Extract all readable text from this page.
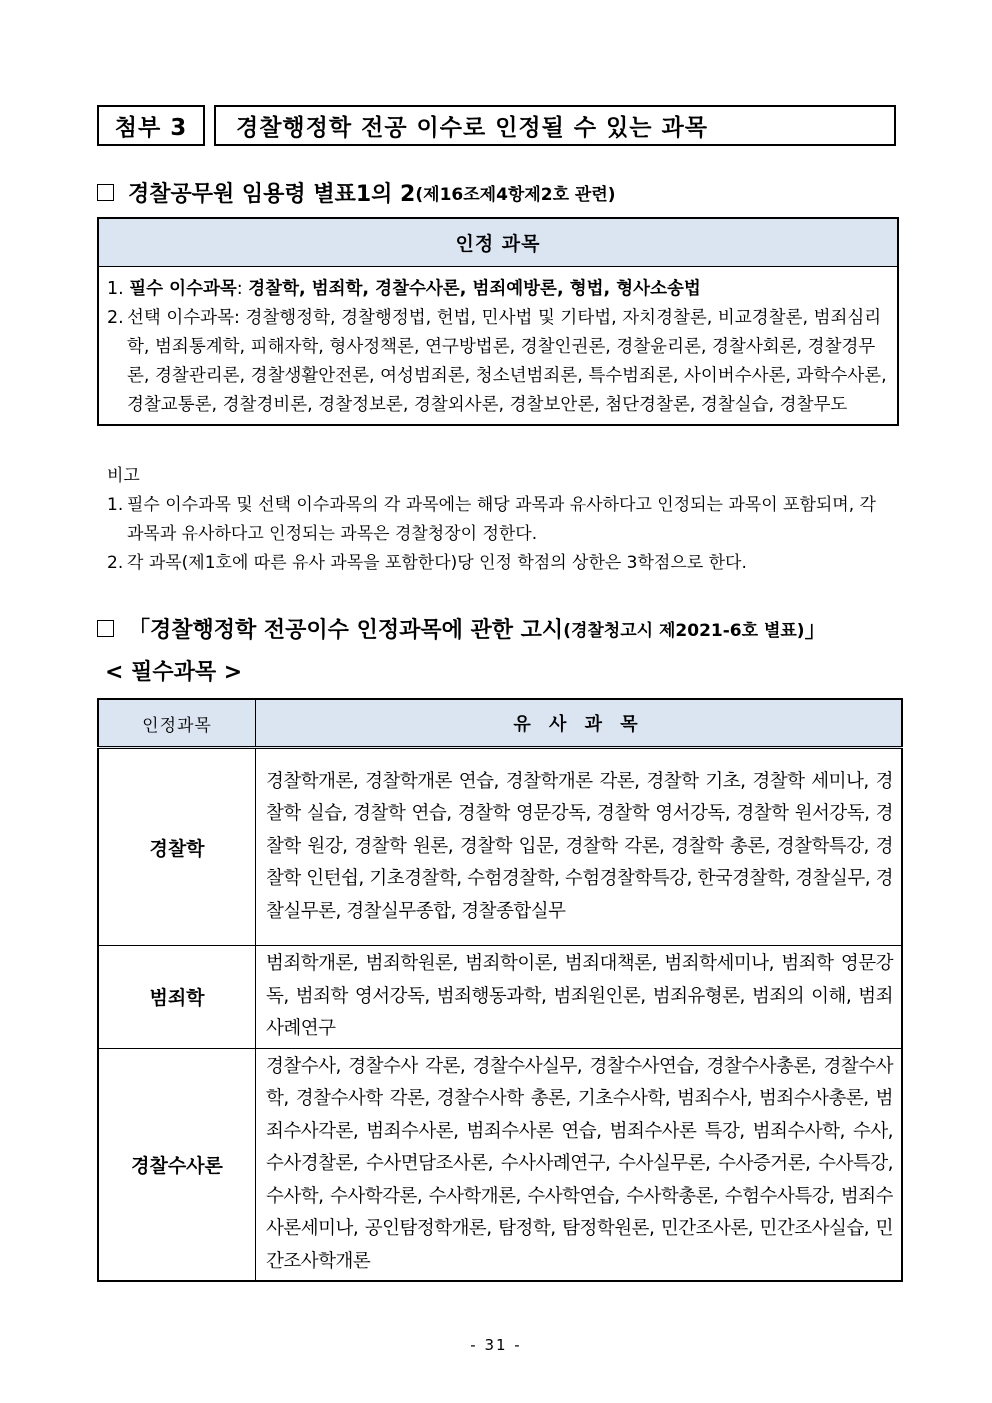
첨부 3 경찰행정학 전공 이수로 인정될 수 있는 과목
경찰공무원 임용령 별표1의 2 (제16조제4항제2호 관련)
인정 과목

1. 필수 이수과목: 경찰학, 범죄학, 경찰수사론, 범죄예방론, 형법, 형사소송법
2. 선택 이수과목: 경찰행정학, 경찰행정법, 헌법, 민사법 및 기타법, 자치경찰론, 비교경찰론, 범죄심리학, 범죄통계학, 피해자학, 형사정책론, 연구방법론, 경찰인권론, 경찰윤리론, 경찰사회론, 경찰경무론, 경찰관리론, 경찰생활안전론, 여성범죄론, 청소년범죄론, 특수범죄론, 사이버수사론, 과학수사론, 경찰교통론, 경찰경비론, 경찰정보론, 경찰외사론, 경찰보안론, 첨단경찰론, 경찰실습, 경찰무도
비고
1. 필수 이수과목 및 선택 이수과목의 각 과목에는 해당 과목과 유사하다고 인정되는 과목이 포함되며, 각 과목과 유사하다고 인정되는 과목은 경찰청장이 정한다.
2. 각 과목(제1호에 따른 유사 과목을 포함한다)당 인정 학점의 상한은 3학점으로 한다.
「경찰행정학 전공이수 인정과목에 관한 고시 (경찰청고시 제2021-6호 별표) 」
< 필수과목 >
인정과목	유 사 과 목
경찰학	경찰학개론, 경찰학개론 연습, 경찰학개론 각론, 경찰학 기초, 경찰학 세미나, 경찰학 실습, 경찰학 연습, 경찰학 영문강독, 경찰학 영서강독, 경찰학 원서강독, 경찰학 원강, 경찰학 원론, 경찰학 입문, 경찰학 각론, 경찰학 총론, 경찰학특강, 경찰학 인턴쉽, 기초경찰학, 수험경찰학, 수험경찰학특강, 한국경찰학, 경찰실무, 경찰실무론, 경찰실무종합, 경찰종합실무
범죄학	범죄학개론, 범죄학원론, 범죄학이론, 범죄대책론, 범죄학세미나, 범죄학 영문강독, 범죄학 영서강독, 범죄행동과학, 범죄원인론, 범죄유형론, 범죄의 이해, 범죄사례연구
경찰수사론	경찰수사, 경찰수사 각론, 경찰수사실무, 경찰수사연습, 경찰수사총론, 경찰수사학, 경찰수사학 각론, 경찰수사학 총론, 기초수사학, 범죄수사, 범죄수사총론, 범죄수사각론, 범죄수사론, 범죄수사론 연습, 범죄수사론 특강, 범죄수사학, 수사, 수사경찰론, 수사면담조사론, 수사사례연구, 수사실무론, 수사증거론, 수사특강, 수사학, 수사학각론, 수사학개론, 수사학연습, 수사학총론, 수험수사특강, 범죄수사론세미나, 공인탐정학개론, 탐정학, 탐정학원론, 민간조사론, 민간조사실습, 민간조사학개론
- 31 -
